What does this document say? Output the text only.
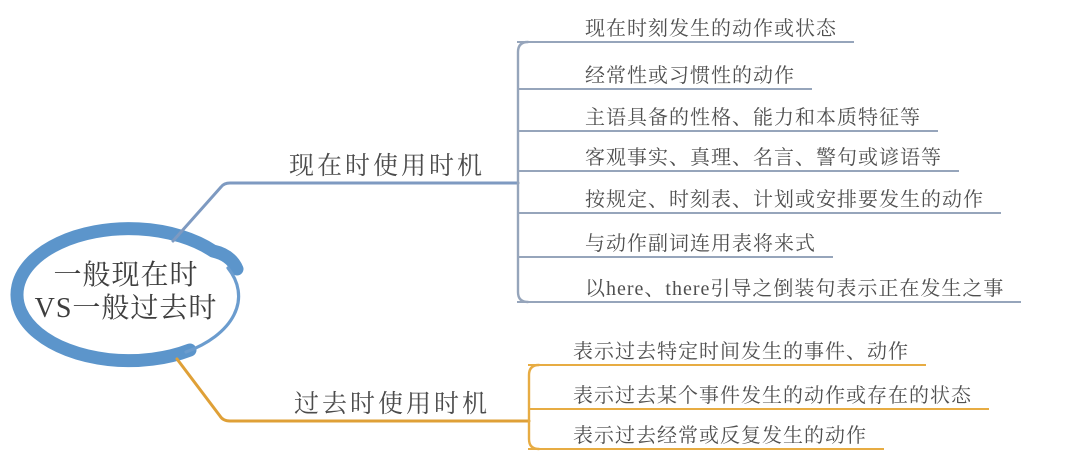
一般现在时
VS一般过去时
现在时使用时机
过去时使用时机
现在时刻发生的动作或状态
经常性或习惯性的动作
主语具备的性格、能力和本质特征等
客观事实、真理、名言、警句或谚语等
按规定、时刻表、计划或安排要发生的动作
与动作副词连用表将来式
以here、there引导之倒装句表示正在发生之事
表示过去特定时间发生的事件、动作
表示过去某个事件发生的动作或存在的状态
表示过去经常或反复发生的动作
